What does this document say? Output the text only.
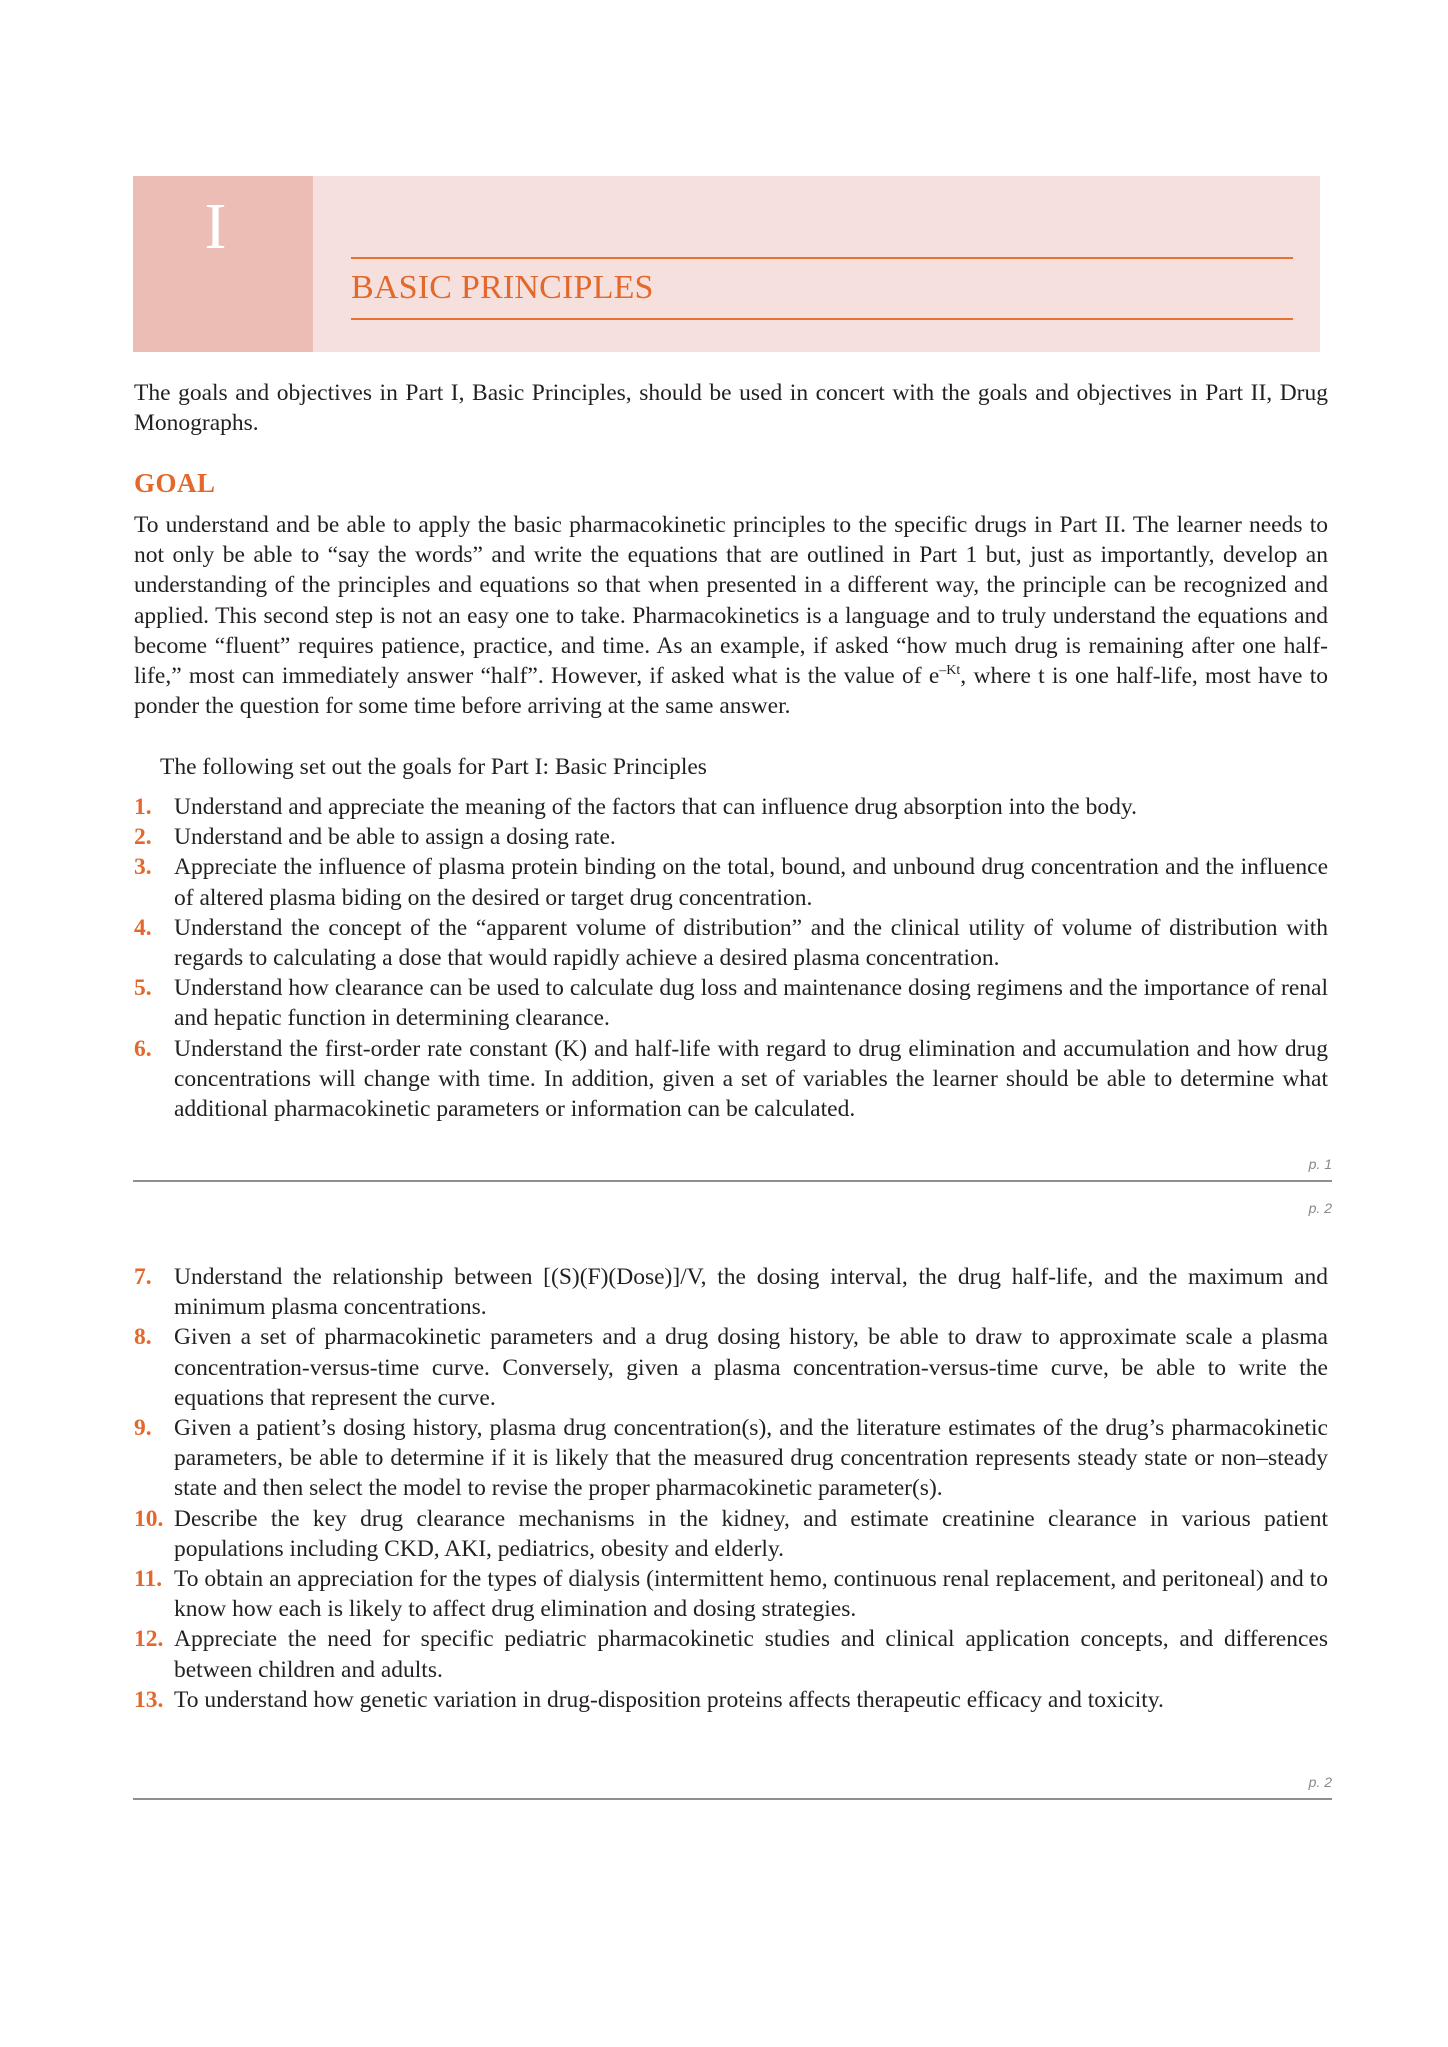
I
BASIC PRINCIPLES
The goals and objectives in Part I, Basic Principles, should be used in concert with the goals and objectives in Part II, Drug Monographs.
GOAL
To understand and be able to apply the basic pharmacokinetic principles to the specific drugs in Part II. The learner needs to not only be able to “say the words” and write the equations that are outlined in Part 1 but, just as importantly, develop an understanding of the principles and equations so that when presented in a different way, the principle can be recognized and applied. This second step is not an easy one to take. Pharmacokinetics is a language and to truly understand the equations and become “fluent” requires patience, practice, and time. As an example, if asked “how much drug is remaining after one half-life,” most can immediately answer “half”. However, if asked what is the value of $e^{-Kt}$, where t is one half-life, most have to ponder the question for some time before arriving at the same answer.
The following set out the goals for Part I: Basic Principles
1. Understand and appreciate the meaning of the factors that can influence drug absorption into the body.
2. Understand and be able to assign a dosing rate.
3. Appreciate the influence of plasma protein binding on the total, bound, and unbound drug concentration and the influence of altered plasma biding on the desired or target drug concentration.
4. Understand the concept of the “apparent volume of distribution” and the clinical utility of volume of distribution with regards to calculating a dose that would rapidly achieve a desired plasma concentration.
5. Understand how clearance can be used to calculate dug loss and maintenance dosing regimens and the importance of renal and hepatic function in determining clearance.
6. Understand the first-order rate constant (K) and half-life with regard to drug elimination and accumulation and how drug concentrations will change with time. In addition, given a set of variables the learner should be able to determine what additional pharmacokinetic parameters or information can be calculated.
p. 1
p. 2
7. Understand the relationship between [(S)(F)(Dose)]/V, the dosing interval, the drug half-life, and the maximum and minimum plasma concentrations.
8. Given a set of pharmacokinetic parameters and a drug dosing history, be able to draw to approximate scale a plasma concentration-versus-time curve. Conversely, given a plasma concentration-versus-time curve, be able to write the equations that represent the curve.
9. Given a patient’s dosing history, plasma drug concentration(s), and the literature estimates of the drug’s pharmacokinetic parameters, be able to determine if it is likely that the measured drug concentration represents steady state or non–steady state and then select the model to revise the proper pharmacokinetic parameter(s).
10. Describe the key drug clearance mechanisms in the kidney, and estimate creatinine clearance in various patient populations including CKD, AKI, pediatrics, obesity and elderly.
11. To obtain an appreciation for the types of dialysis (intermittent hemo, continuous renal replacement, and peritoneal) and to know how each is likely to affect drug elimination and dosing strategies.
12. Appreciate the need for specific pediatric pharmacokinetic studies and clinical application concepts, and differences between children and adults.
13. To understand how genetic variation in drug-disposition proteins affects therapeutic efficacy and toxicity.
p. 2
